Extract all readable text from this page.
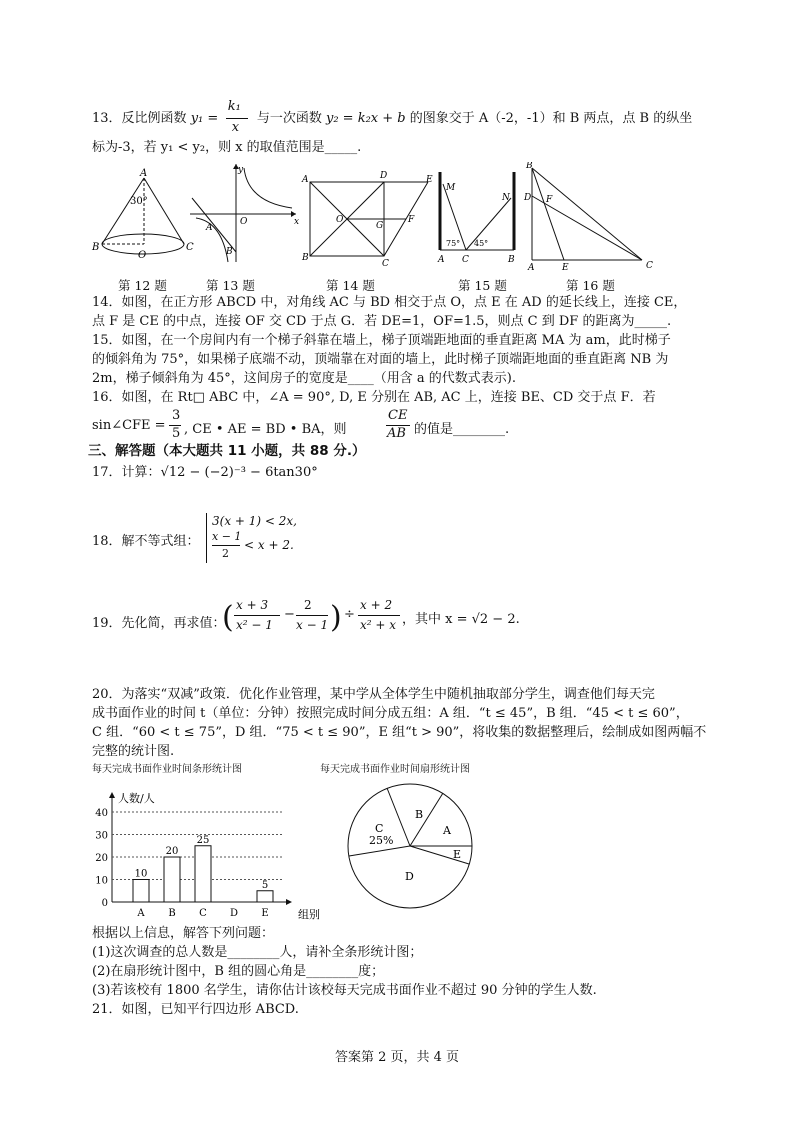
13．反比例函数 y₁ =
k₁
x
与一次函数 y₂ = k₂x + b 的图象交于 A（-2，-1）和 B 两点，点 B 的纵坐
标为-3，若 y₁ < y₂，则 x 的取值范围是_____.
A
30°
B
O
C
y
x
O
A
B
A	D	E
O
G
F
B
C
M
N
75° 45°
A C	B
B
D F
A	E	C
第 12 题	第 13 题	第 14 题	第 15 题	第 16 题
14．如图，在正方形 ABCD 中，对角线 AC 与 BD 相交于点 O，点 E 在 AD 的延长线上，连接 CE，
点 F 是 CE 的中点，连接 OF 交 CD 于点 G．若 DE=1，OF=1.5，则点 C 到 DF 的距离为_____.
15．如图，在一个房间内有一个梯子斜靠在墙上，梯子顶端距地面的垂直距离 MA 为 am，此时梯子
的倾斜角为 75°，如果梯子底端不动，顶端靠在对面的墙上，此时梯子顶端距地面的垂直距离 NB 为
2m，梯子倾斜角为 45°，这间房子的宽度是____（用含 a 的代数式表示).
16．如图，在 Rt□ ABC 中，∠A = 90°, D, E 分别在 AB, AC 上，连接 BE、CD 交于点 F．若
sin∠CFE =
3
5 , CE • AE = BD • BA，则
CE
AB 的值是________.
三、解答题（本大题共 11 小题，共 88 分.）
17．计算：√12 − (−2)⁻³ − 6tan30°
18．解不等式组：
3(x + 1) < 2x,
x − 1
2
< x + 2.
19．先化简，再求值：
( x + 3
x² − 1
−
2
x − 1 ) ÷
x + 2
x² + x ，其中 x = √2 − 2.
20．为落实“双减”政策．优化作业管理，某中学从全体学生中随机抽取部分学生，调查他们每天完
成书面作业的时间 t（单位：分钟）按照完成时间分成五组：A 组．“t ≤ 45”，B 组．“45 < t ≤ 60”，
C 组．“60 < t ≤ 75”，D 组．“75 < t ≤ 90”，E 组“t > 90”，将收集的数据整理后，绘制成如图两幅不
完整的统计图.
每天完成书面作业时间条形统计图	每天完成书面作业时间扇形统计图
人数/人
组别
10
20
30
40
0
10
A
20
B
25
C D
5
E
C
25%
B
A
E
D
根据以上信息，解答下列问题：
(1)这次调查的总人数是________人，请补全条形统计图；
(2)在扇形统计图中，B 组的圆心角是________度；
(3)若该校有 1800 名学生，请你估计该校每天完成书面作业不超过 90 分钟的学生人数.
21．如图，已知平行四边形 ABCD.
答案第 2 页，共 4 页
